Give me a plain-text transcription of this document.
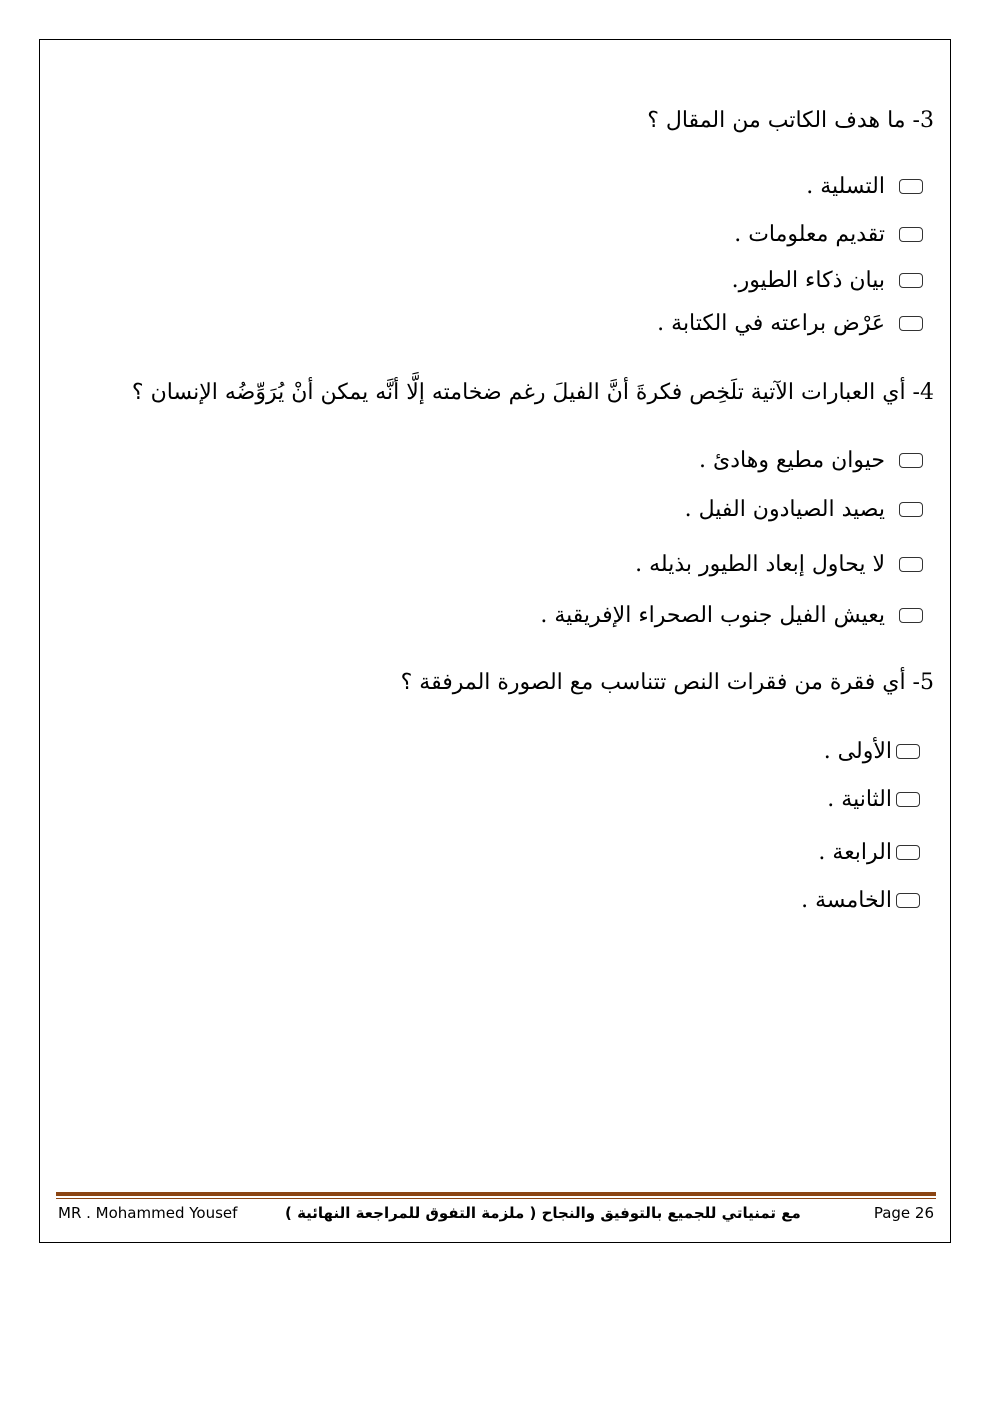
3- ما هدف الكاتب من المقال ؟
التسلية .
تقديم معلومات .
بيان ذكاء الطيور.
عَرْض براعته في الكتابة .
4- أي العبارات الآتية تلَخِص فكرةَ أنَّ الفيلَ رغم ضخامته إلَّا أنَّه يمكن أنْ يُرَوِّضُه الإنسان ؟
حيوان مطيع وهادئ .
يصيد الصيادون الفيل .
لا يحاول إبعاد الطيور بذيله .
يعيش الفيل جنوب الصحراء الإفريقية .
5- أي فقرة من فقرات النص تتناسب مع الصورة المرفقة ؟
الأولى .
الثانية .
الرابعة .
الخامسة .
MR . Mohammed Yousef	مع تمنياتي للجميع بالتوفيق والنجاح ( ملزمة التفوق للمراجعة النهائية )	Page 26
